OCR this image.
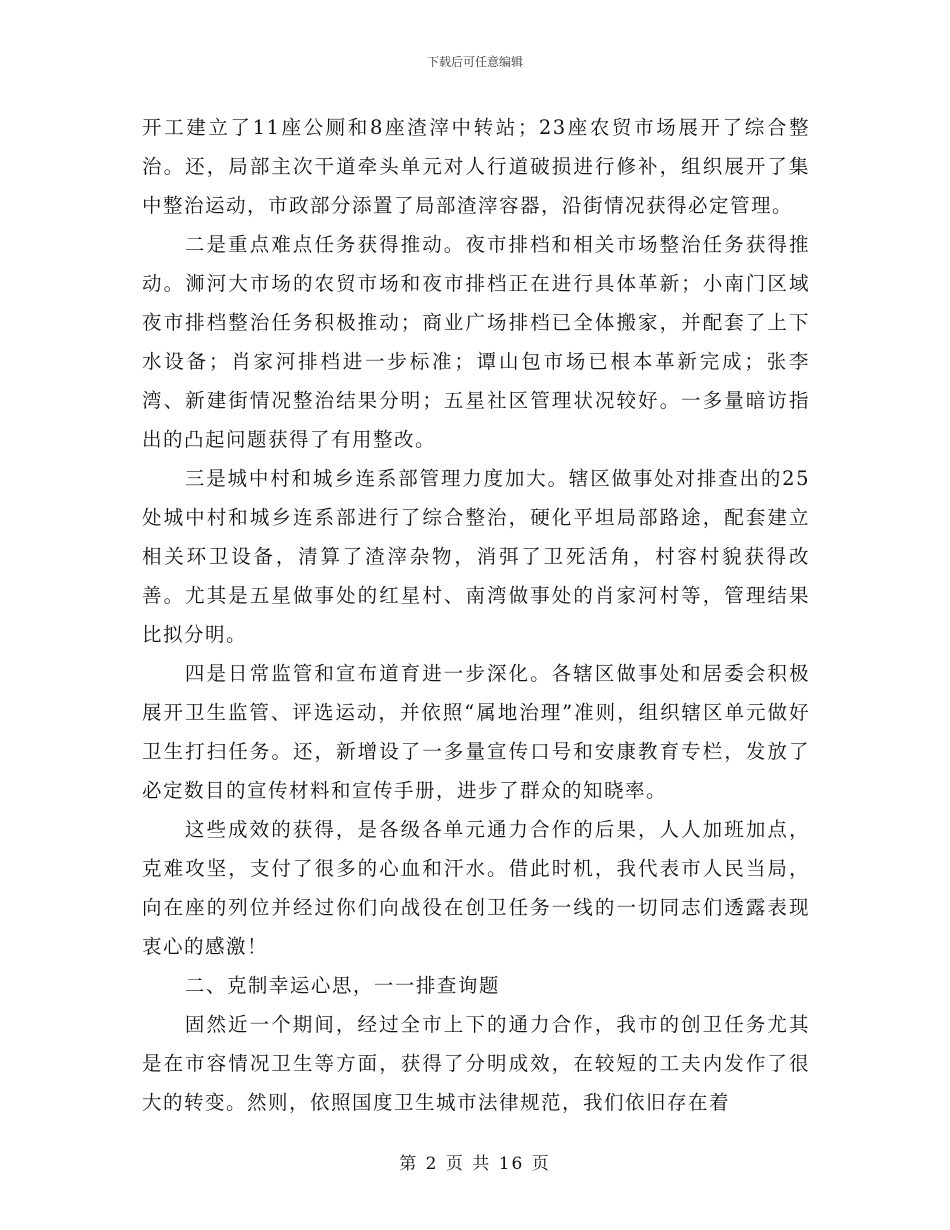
下载后可任意编辑

开工建立了11座公厕和8座渣滓中转站；23座农贸市场展开了综合整治。还，局部主次干道牵头单元对人行道破损进行修补，组织展开了集中整治运动，市政部分添置了局部渣滓容器，沿街情况获得必定管理。

二是重点难点任务获得推动。夜市排档和相关市场整治任务获得推动。浉河大市场的农贸市场和夜市排档正在进行具体革新；小南门区域夜市排档整治任务积极推动；商业广场排档已全体搬家，并配套了上下水设备；肖家河排档进一步标准；谭山包市场已根本革新完成；张李湾、新建街情况整治结果分明；五星社区管理状况较好。一多量暗访指出的凸起问题获得了有用整改。

三是城中村和城乡连系部管理力度加大。辖区做事处对排查出的25处城中村和城乡连系部进行了综合整治，硬化平坦局部路途，配套建立相关环卫设备，清算了渣滓杂物，消弭了卫死活角，村容村貌获得改善。尤其是五星做事处的红星村、南湾做事处的肖家河村等，管理结果比拟分明。

四是日常监管和宣布道育进一步深化。各辖区做事处和居委会积极展开卫生监管、评选运动，并依照“属地治理”准则，组织辖区单元做好卫生打扫任务。还，新增设了一多量宣传口号和安康教育专栏，发放了必定数目的宣传材料和宣传手册，进步了群众的知晓率。

这些成效的获得，是各级各单元通力合作的后果，人人加班加点，克难攻坚，支付了很多的心血和汗水。借此时机，我代表市人民当局，向在座的列位并经过你们向战役在创卫任务一线的一切同志们透露表现衷心的感激！

二、克制幸运心思，一一排查询题

固然近一个期间，经过全市上下的通力合作，我市的创卫任务尤其是在市容情况卫生等方面，获得了分明成效，在较短的工夫内发作了很大的转变。然则，依照国度卫生城市法律规范，我们依旧存在着

第 2 页 共 16 页
